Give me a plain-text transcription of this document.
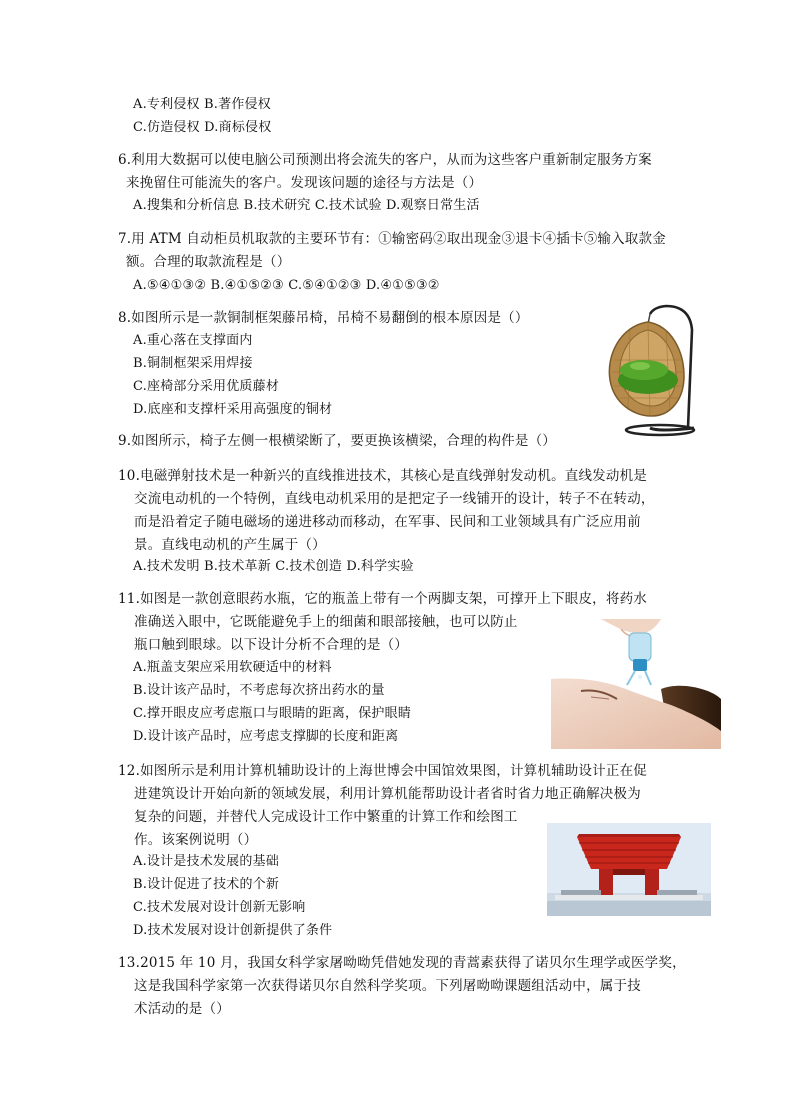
A.专利侵权 B.著作侵权
C.仿造侵权 D.商标侵权
6.利用大数据可以使电脑公司预测出将会流失的客户，从而为这些客户重新制定服务方案
来挽留住可能流失的客户。发现该问题的途径与方法是（）
A.搜集和分析信息 B.技术研究 C.技术试验 D.观察日常生活
7.用 ATM 自动柜员机取款的主要环节有：①输密码②取出现金③退卡④插卡⑤输入取款金
额。合理的取款流程是（）
A.⑤④①③② B.④①⑤②③ C.⑤④①②③ D.④①⑤③②
8.如图所示是一款铜制框架藤吊椅，吊椅不易翻倒的根本原因是（）
A.重心落在支撑面内
B.铜制框架采用焊接
C.座椅部分采用优质藤材
D.底座和支撑杆采用高强度的铜材
9.如图所示，椅子左侧一根横梁断了，要更换该横梁，合理的构件是（）
10.电磁弹射技术是一种新兴的直线推进技术，其核心是直线弹射发动机。直线发动机是
交流电动机的一个特例，直线电动机采用的是把定子一线铺开的设计，转子不在转动，
而是沿着定子随电磁场的递进移动而移动，在军事、民间和工业领域具有广泛应用前
景。直线电动机的产生属于（）
A.技术发明 B.技术革新 C.技术创造 D.科学实验
11.如图是一款创意眼药水瓶，它的瓶盖上带有一个两脚支架，可撑开上下眼皮，将药水
准确送入眼中，它既能避免手上的细菌和眼部接触，也可以防止
瓶口触到眼球。以下设计分析不合理的是（）
A.瓶盖支架应采用软硬适中的材料
B.设计该产品时，不考虑每次挤出药水的量
C.撑开眼皮应考虑瓶口与眼睛的距离，保护眼睛
D.设计该产品时，应考虑支撑脚的长度和距离
12.如图所示是利用计算机辅助设计的上海世博会中国馆效果图，计算机辅助设计正在促
进建筑设计开始向新的领域发展，利用计算机能帮助设计者省时省力地正确解决极为
复杂的问题，并替代人完成设计工作中繁重的计算工作和绘图工
作。该案例说明（）
A.设计是技术发展的基础
B.设计促进了技术的个新
C.技术发展对设计创新无影响
D.技术发展对设计创新提供了条件
13.2015 年 10 月，我国女科学家屠呦呦凭借她发现的青蒿素获得了诺贝尔生理学或医学奖，
这是我国科学家第一次获得诺贝尔自然科学奖项。下列屠呦呦课题组活动中，属于技
术活动的是（）
